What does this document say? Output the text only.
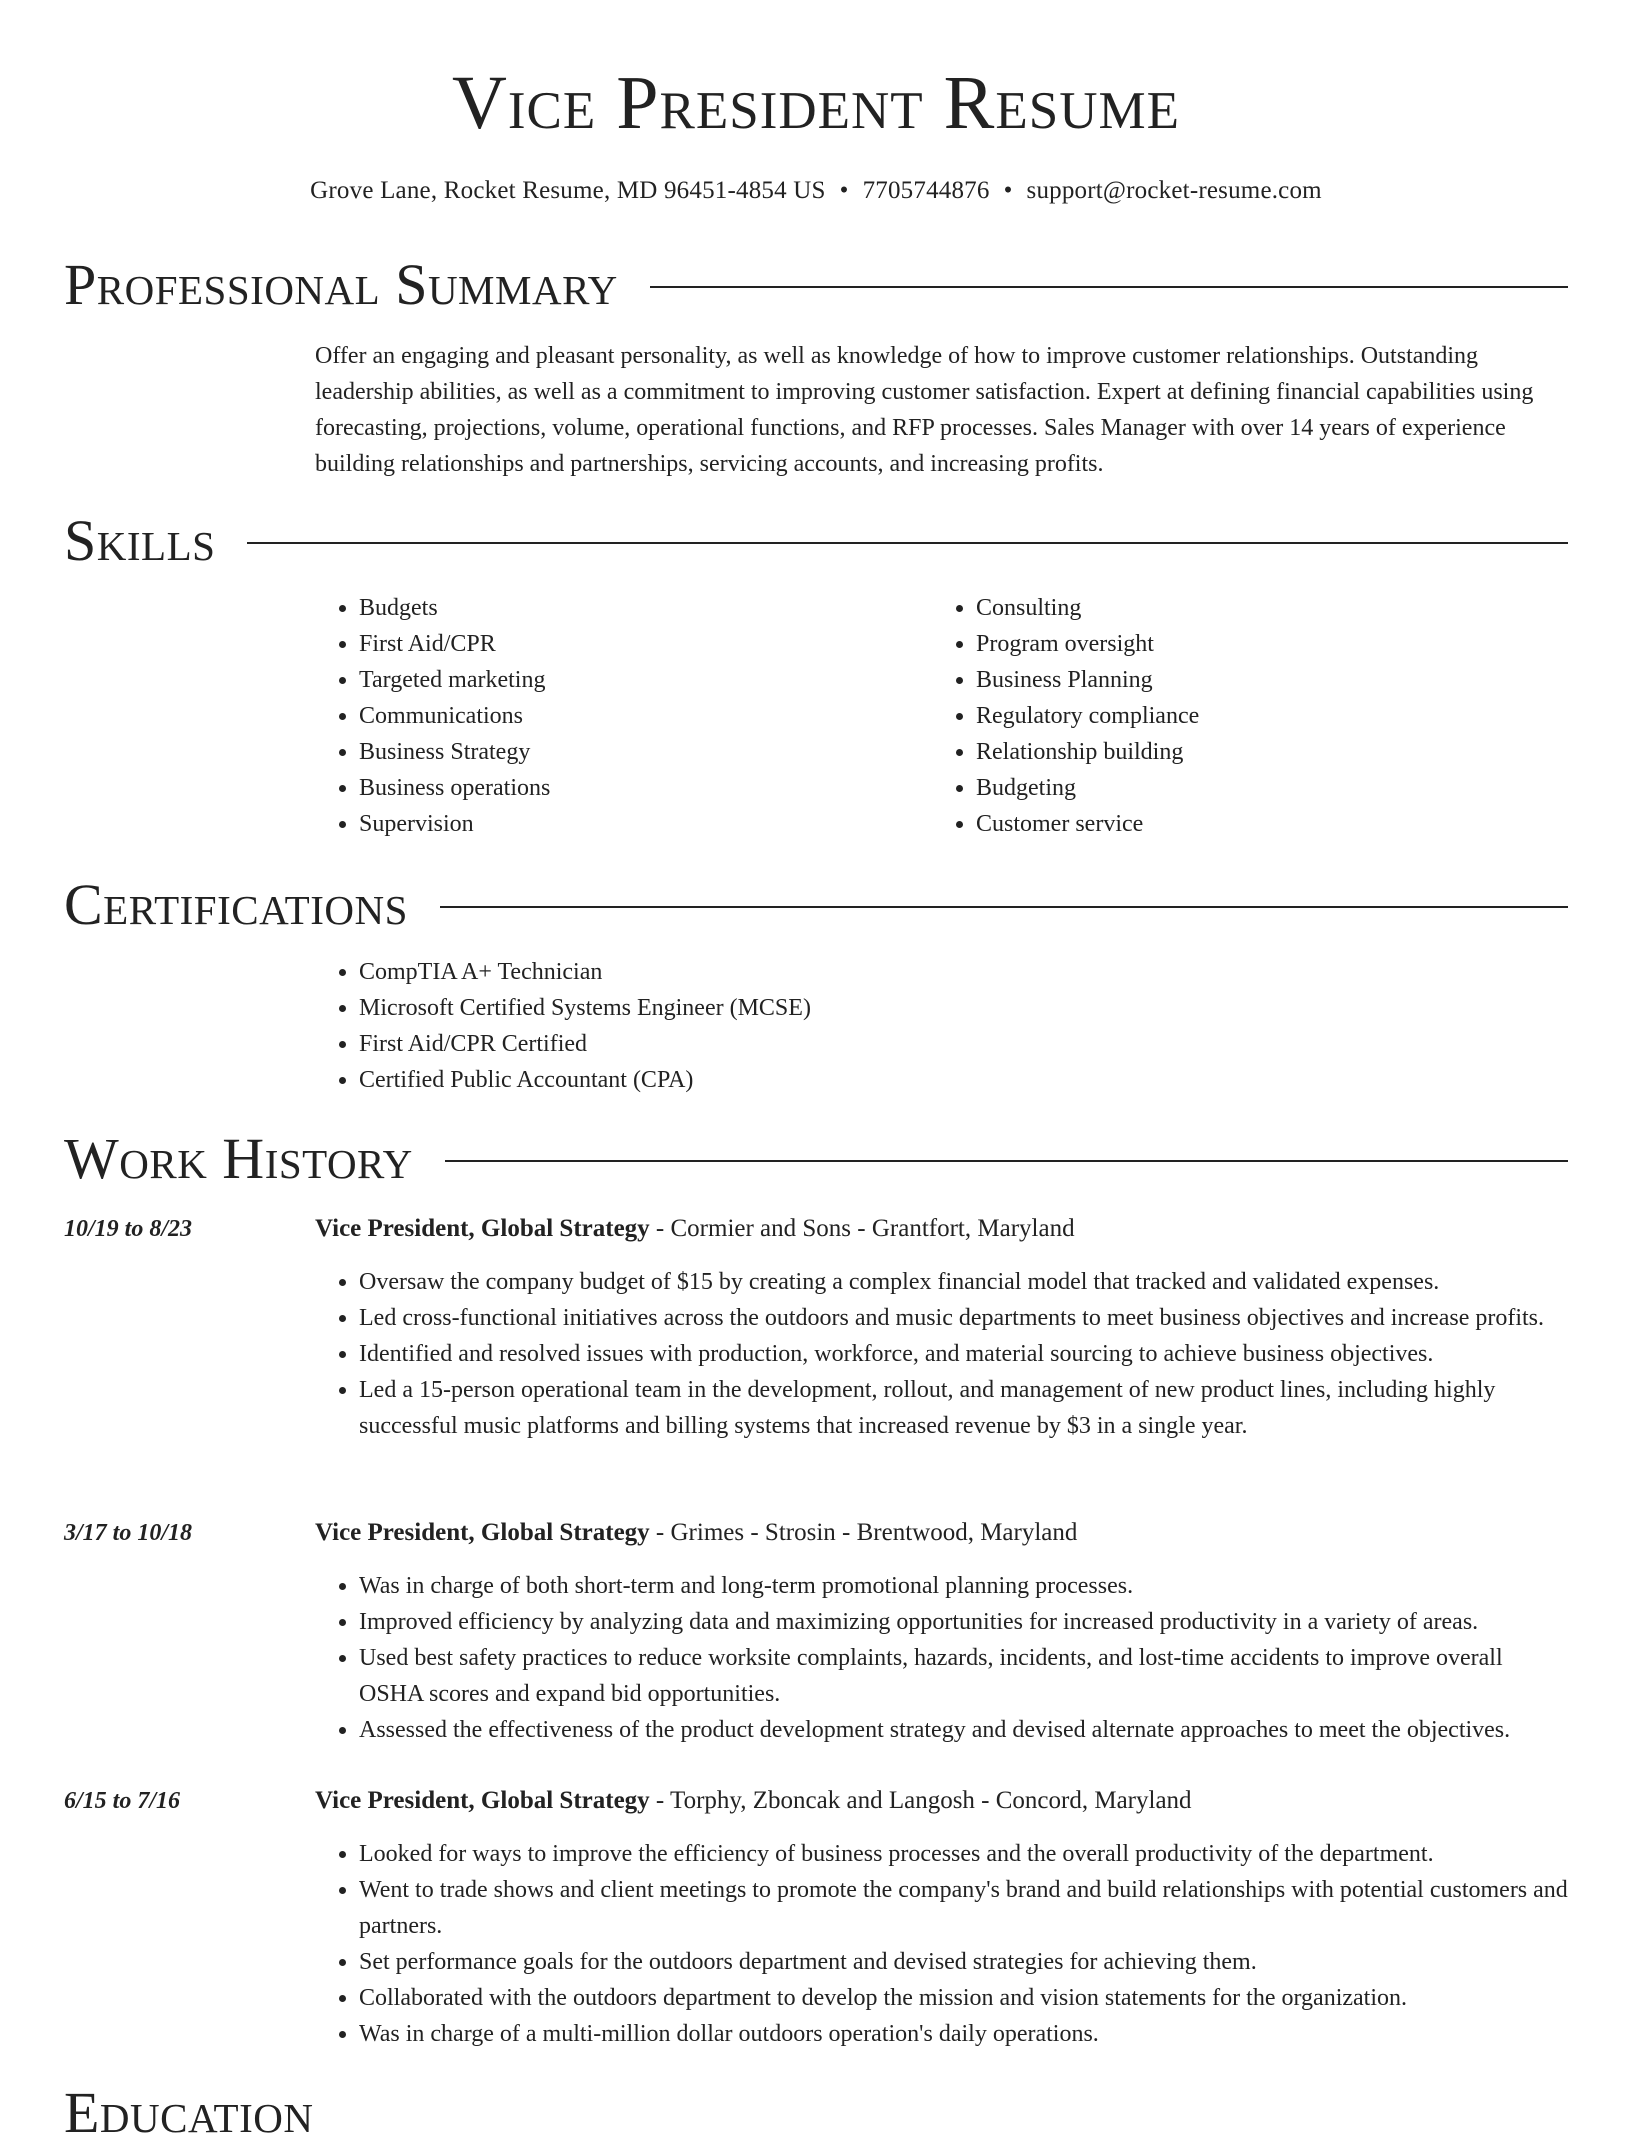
Vice President Resume
Grove Lane, Rocket Resume, MD 96451-4854 US • 7705744876 • support@rocket-resume.com
Professional Summary

Offer an engaging and pleasant personality, as well as knowledge of how to improve customer relationships. Outstanding leadership abilities, as well as a commitment to improving customer satisfaction. Expert at defining financial capabilities using forecasting, projections, volume, operational functions, and RFP processes. Sales Manager with over 14 years of experience building relationships and partnerships, servicing accounts, and increasing profits.

Skills
• Budgets
• First Aid/CPR
• Targeted marketing
• Communications
• Business Strategy
• Business operations
• Supervision
• Consulting
• Program oversight
• Business Planning
• Regulatory compliance
• Relationship building
• Budgeting
• Customer service
Certifications
• CompTIA A+ Technician
• Microsoft Certified Systems Engineer (MCSE)
• First Aid/CPR Certified
• Certified Public Accountant (CPA)
Work History
10/19 to 8/23	Vice President, Global Strategy - Cormier and Sons - Grantfort, Maryland
• Oversaw the company budget of $15 by creating a complex financial model that tracked and validated expenses.
• Led cross-functional initiatives across the outdoors and music departments to meet business objectives and increase profits.
• Identified and resolved issues with production, workforce, and material sourcing to achieve business objectives.
• Led a 15-person operational team in the development, rollout, and management of new product lines, including highly successful music platforms and billing systems that increased revenue by $3 in a single year.
3/17 to 10/18	Vice President, Global Strategy - Grimes - Strosin - Brentwood, Maryland
• Was in charge of both short-term and long-term promotional planning processes.
• Improved efficiency by analyzing data and maximizing opportunities for increased productivity in a variety of areas.
• Used best safety practices to reduce worksite complaints, hazards, incidents, and lost-time accidents to improve overall OSHA scores and expand bid opportunities.
• Assessed the effectiveness of the product development strategy and devised alternate approaches to meet the objectives.
6/15 to 7/16	Vice President, Global Strategy - Torphy, Zboncak and Langosh - Concord, Maryland
• Looked for ways to improve the efficiency of business processes and the overall productivity of the department.
• Went to trade shows and client meetings to promote the company's brand and build relationships with potential customers and partners.
• Set performance goals for the outdoors department and devised strategies for achieving them.
• Collaborated with the outdoors department to develop the mission and vision statements for the organization.
• Was in charge of a multi-million dollar outdoors operation's daily operations.
Education
